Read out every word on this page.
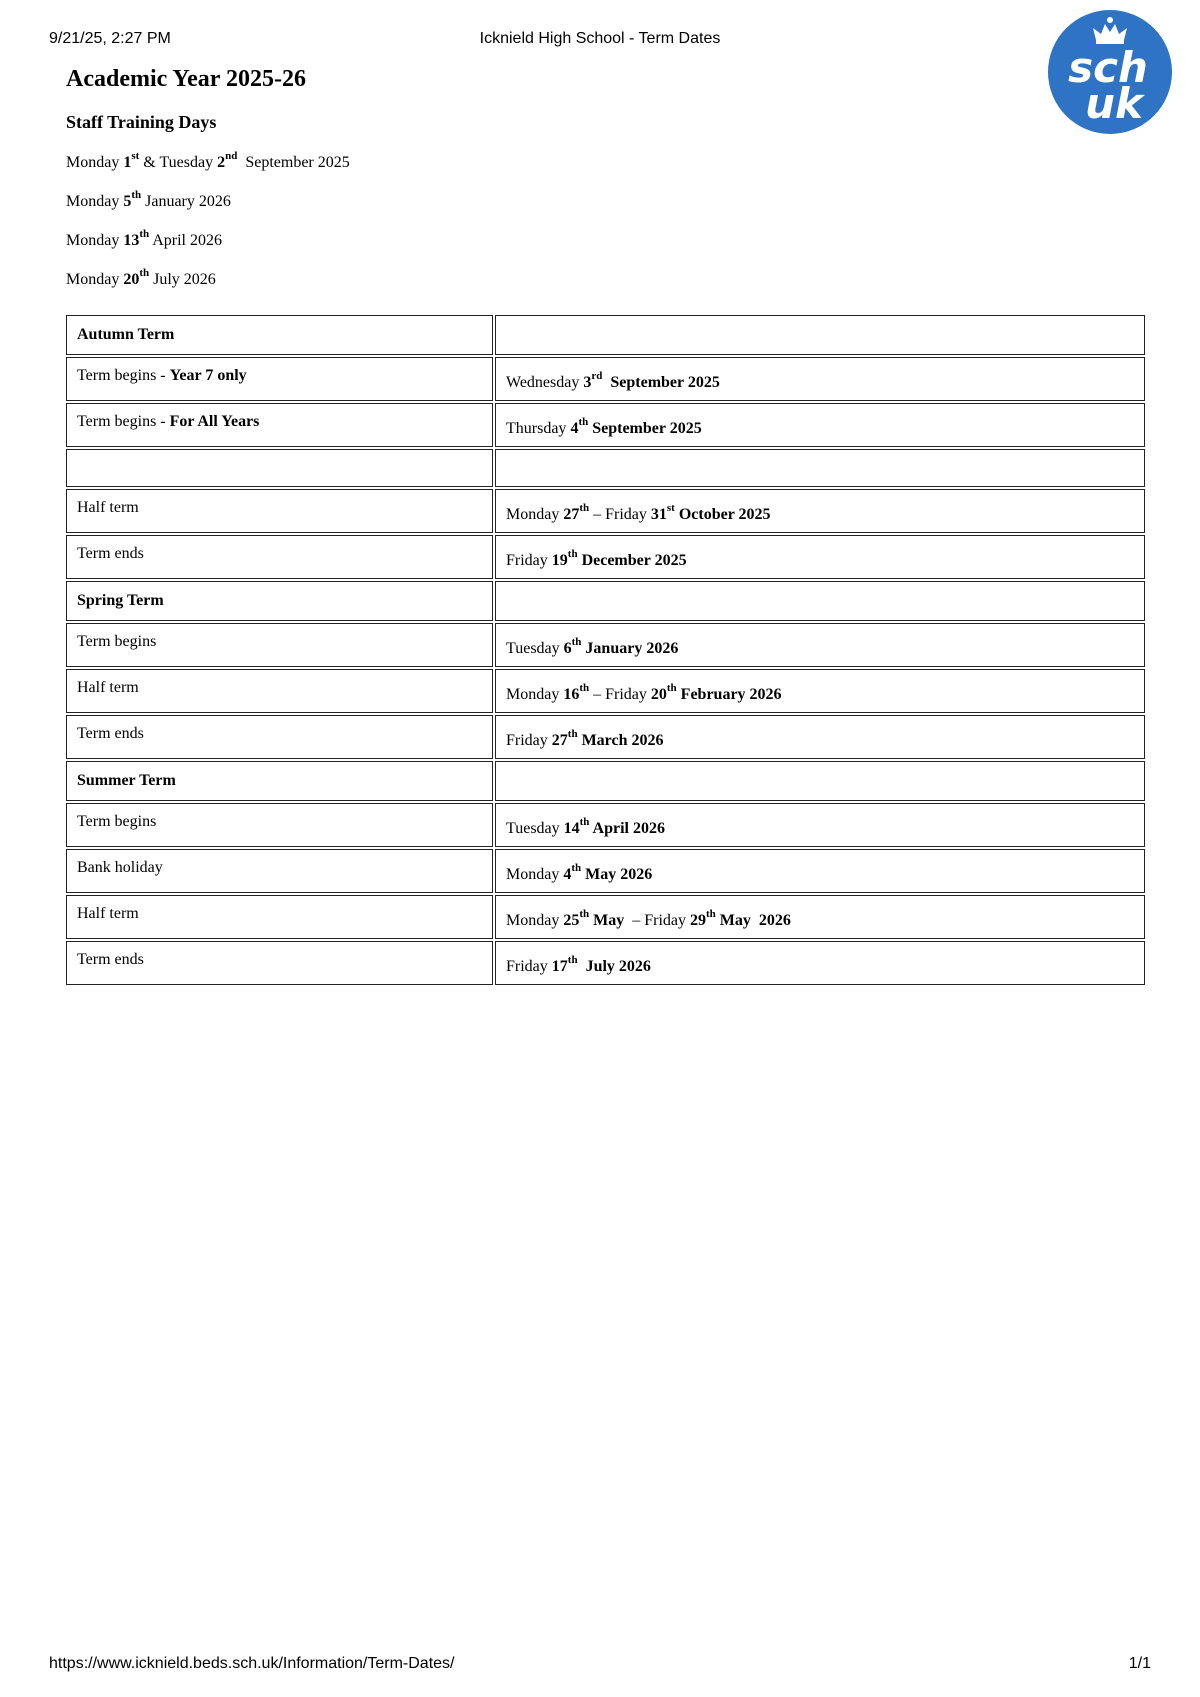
9/21/25, 2:27 PM	Icknield High School - Term Dates
sch
uk
Academic Year 2025-26
Staff Training Days
Monday 1st & Tuesday 2nd  September 2025
Monday 5th January 2026
Monday 13th April 2026
Monday 20th July 2026
Autumn Term	
Term begins - Year 7 only	Wednesday 3rd  September 2025
Term begins - For All Years	Thursday 4th September 2025

Half term	Monday 27th – Friday 31st October 2025
Term ends	Friday 19th December 2025
Spring Term	
Term begins	Tuesday 6th January 2026
Half term	Monday 16th – Friday 20th February 2026
Term ends	Friday 27th March 2026
Summer Term	
Term begins	Tuesday 14th April 2026
Bank holiday	Monday 4th May 2026
Half term	Monday 25th May  – Friday 29th May  2026
Term ends	Friday 17th  July 2026
https://www.icknield.beds.sch.uk/Information/Term-Dates/	1/1
